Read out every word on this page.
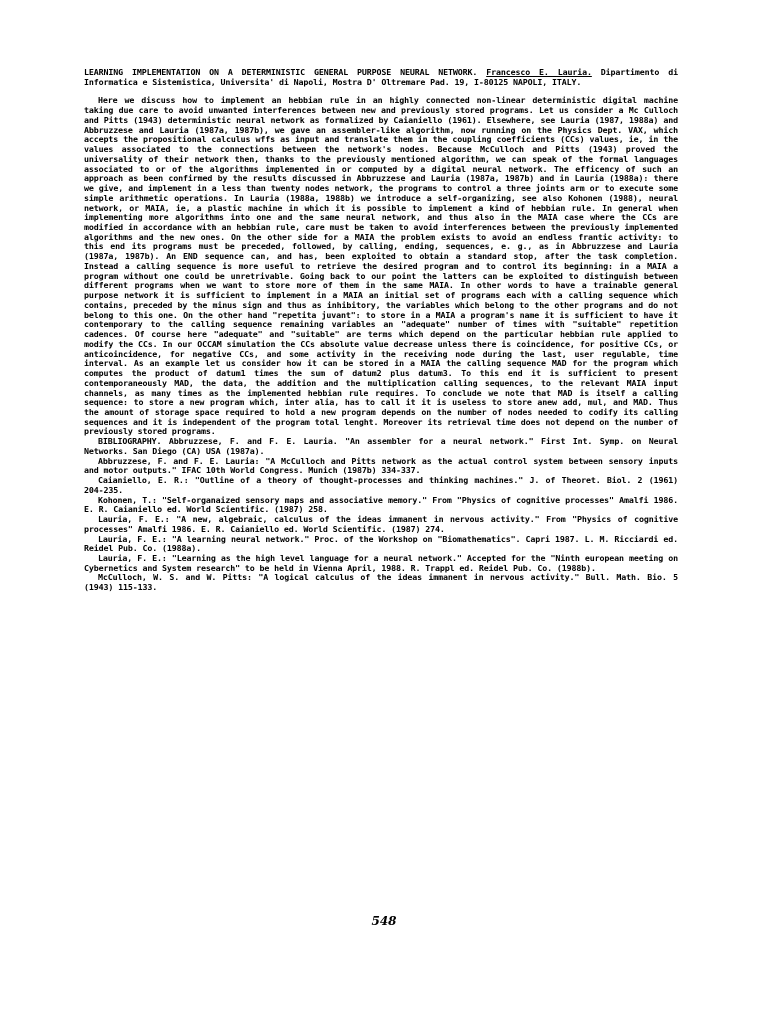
LEARNING IMPLEMENTATION ON A DETERMINISTIC GENERAL PURPOSE NEURAL NETWORK. Francesco E. Lauria. Dipartimento di Informatica e Sistemistica, Universita' di Napoli, Mostra D' Oltremare Pad. 19, I-80125 NAPOLI, ITALY.

Here we discuss how to implement an hebbian rule in an highly connected non-linear deterministic digital machine taking due care to avoid unwanted interferences between new and previously stored programs. Let us consider a Mc Culloch and Pitts (1943) deterministic neural network as formalized by Caianiello (1961). Elsewhere, see Lauria (1987, 1988a) and Abbruzzese and Lauria (1987a, 1987b), we gave an assembler-like algorithm, now running on the Physics Dept. VAX, which accepts the propositional calculus wffs as input and translate them in the coupling coefficients (CCs) values, ie, in the values associated to the connections between the network's nodes. Because McCulloch and Pitts (1943) proved the universality of their network then, thanks to the previously mentioned algorithm, we can speak of the formal languages associated to or of the algorithms implemented in or computed by a digital neural network. The efficency of such an approach as been confirmed by the results discussed in Abbruzzese and Lauria (1987a, 1987b) and in Lauria (1988a): there we give, and implement in a less than twenty nodes network, the programs to control a three joints arm or to execute some simple arithmetic operations. In Lauria (1988a, 1988b) we introduce a self-organizing, see also Kohonen (1988), neural network, or MAIA, ie, a plastic machine in which it is possible to implement a kind of hebbian rule. In general when implementing more algorithms into one and the same neural network, and thus also in the MAIA case where the CCs are modified in accordance with an hebbian rule, care must be taken to avoid interferences between the previously implemented algorithms and the new ones. On the other side for a MAIA the problem exists to avoid an endless frantic activity: to this end its programs must be preceded, followed, by calling, ending, sequences, e. g., as in Abbruzzese and Lauria (1987a, 1987b). An END sequence can, and has, been exploited to obtain a standard stop, after the task completion. Instead a calling sequence is more useful to retrieve the desired program and to control its beginning: in a MAIA a program without one could be unretrivable. Going back to our point the latters can be exploited to distinguish between different programs when we want to store more of them in the same MAIA. In other words to have a trainable general purpose network it is sufficient to implement in a MAIA an initial set of programs each with a calling sequence which contains, preceded by the minus sign and thus as inhibitory, the variables which belong to the other programs and do not belong to this one. On the other hand "repetita juvant": to store in a MAIA a program's name it is sufficient to have it contemporary to the calling sequence remaining variables an "adequate" number of times with "suitable" repetition cadences. Of course here "adequate" and "suitable" are terms which depend on the particular hebbian rule applied to modify the CCs. In our OCCAM simulation the CCs absolute value decrease unless there is coincidence, for positive CCs, or anticoincidence, for negative CCs, and some activity in the receiving node during the last, user regulable, time interval. As an example let us consider how it can be stored in a MAIA the calling sequence MAD for the program which computes the product of datum1 times the sum of datum2 plus datum3. To this end it is sufficient to present contemporaneously MAD, the data, the addition and the multiplication calling sequences, to the relevant MAIA input channels, as many times as the implemented hebbian rule requires. To conclude we note that MAD is itself a calling sequence: to store a new program which, inter alia, has to call it it is useless to store anew add, mul, and MAD. Thus the amount of storage space required to hold a new program depends on the number of nodes needed to codify its calling sequences and it is independent of the program total lenght. Moreover its retrieval time does not depend on the number of previously stored programs.

BIBLIOGRAPHY. Abbruzzese, F. and F. E. Lauria. "An assembler for a neural network." First Int. Symp. on Neural Networks. San Diego (CA) USA (1987a).

Abbruzzese, F. and F. E. Lauria: "A McCulloch and Pitts network as the actual control system between sensory inputs and motor outputs." IFAC 10th World Congress. Munich (1987b) 334-337.

Caianiello, E. R.: "Outline of a theory of thought-processes and thinking machines." J. of Theoret. Biol. 2 (1961) 204-235.

Kohonen, T.: "Self-organaized sensory maps and associative memory." From "Physics of cognitive processes" Amalfi 1986. E. R. Caianiello ed. World Scientific. (1987) 258.

Lauria, F. E.: "A new, algebraic, calculus of the ideas immanent in nervous activity." From "Physics of cognitive processes" Amalfi 1986. E. R. Caianiello ed. World Scientific. (1987) 274.

Lauria, F. E.: "A learning neural network." Proc. of the Workshop on "Biomathematics". Capri 1987. L. M. Ricciardi ed. Reidel Pub. Co. (1988a).

Lauria, F. E.: "Learning as the high level language for a neural network." Accepted for the "Ninth european meeting on Cybernetics and System research" to be held in Vienna April, 1988. R. Trappl ed. Reidel Pub. Co. (1988b).

McCulloch, W. S. and W. Pitts: "A logical calculus of the ideas immanent in nervous activity." Bull. Math. Bio. 5 (1943) 115-133.

548
